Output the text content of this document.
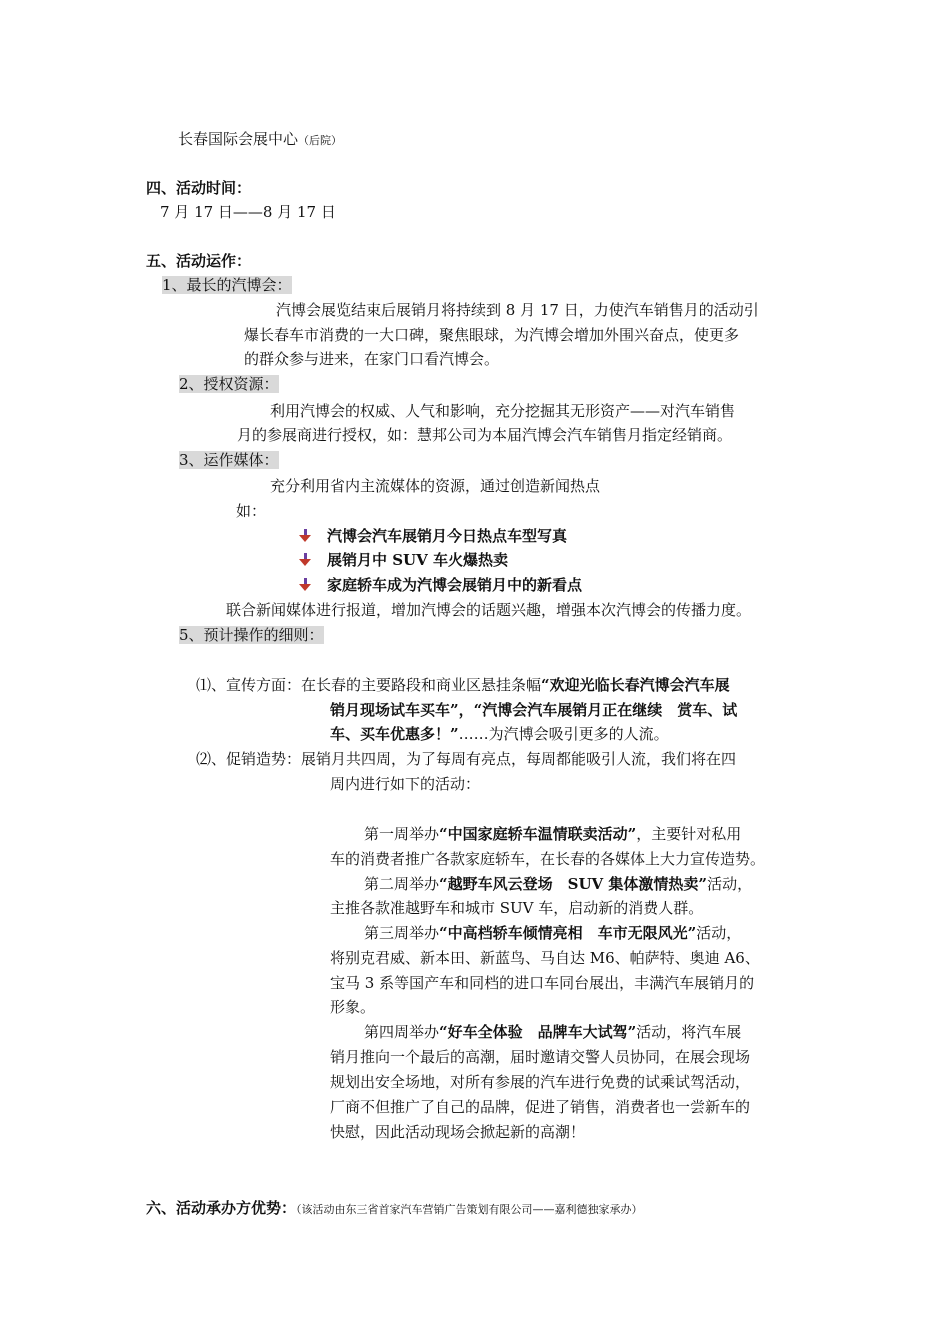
长春国际会展中心（后院）
四、活动时间：
7 月 17 日——8 月 17 日
五、活动运作：
1、最长的汽博会：
汽博会展览结束后展销月将持续到 8 月 17 日，力使汽车销售月的活动引
爆长春车市消费的一大口碑，聚焦眼球，为汽博会增加外围兴奋点，使更多
的群众参与进来，在家门口看汽博会。
2、授权资源：
利用汽博会的权威、人气和影响，充分挖掘其无形资产——对汽车销售
月的参展商进行授权，如：慧邦公司为本届汽博会汽车销售月指定经销商。
3、运作媒体：
充分利用省内主流媒体的资源，通过创造新闻热点
如：
汽博会汽车展销月今日热点车型写真
展销月中 SUV 车火爆热卖
家庭轿车成为汽博会展销月中的新看点
联合新闻媒体进行报道，增加汽博会的话题兴趣，增强本次汽博会的传播力度。
5、预计操作的细则：
⑴、宣传方面：在长春的主要路段和商业区悬挂条幅“欢迎光临长春汽博会汽车展
销月现场试车买车”，“汽博会汽车展销月正在继续　赏车、试
车、买车优惠多！”……为汽博会吸引更多的人流。
⑵、促销造势：展销月共四周，为了每周有亮点，每周都能吸引人流，我们将在四
周内进行如下的活动：
第一周举办“中国家庭轿车温情联卖活动”，主要针对私用
车的消费者推广各款家庭轿车，在长春的各媒体上大力宣传造势。
第二周举办“越野车风云登场　SUV 集体激情热卖”活动，
主推各款准越野车和城市 SUV 车，启动新的消费人群。
第三周举办“中高档轿车倾情亮相　车市无限风光”活动，
将别克君威、新本田、新蓝鸟、马自达 M6、帕萨特、奥迪 A6、
宝马 3 系等国产车和同档的进口车同台展出，丰满汽车展销月的
形象。
第四周举办“好车全体验　品牌车大试驾”活动，将汽车展
销月推向一个最后的高潮，届时邀请交警人员协同，在展会现场
规划出安全场地，对所有参展的汽车进行免费的试乘试驾活动，
厂商不但推广了自己的品牌，促进了销售，消费者也一尝新车的
快慰，因此活动现场会掀起新的高潮！
六、活动承办方优势：（该活动由东三省首家汽车营销广告策划有限公司——嘉利德独家承办）
